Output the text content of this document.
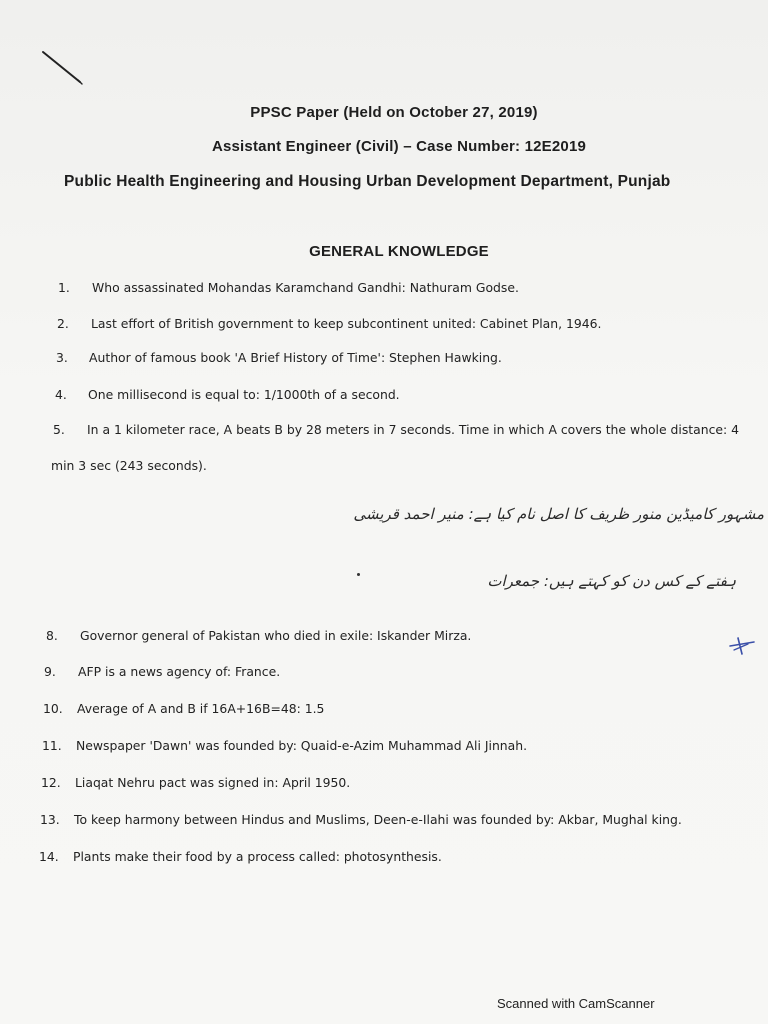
PPSC Paper (Held on October 27, 2019)
Assistant Engineer (Civil) – Case Number: 12E2019
Public Health Engineering and Housing Urban Development Department, Punjab
GENERAL KNOWLEDGE
1. Who assassinated Mohandas Karamchand Gandhi: Nathuram Godse.
2. Last effort of British government to keep subcontinent united: Cabinet Plan, 1946.
3. Author of famous book 'A Brief History of Time': Stephen Hawking.
4. One millisecond is equal to: 1/1000th of a second.
5. In a 1 kilometer race, A beats B by 28 meters in 7 seconds. Time in which A covers the whole distance: 4
min 3 sec (243 seconds).
مشہور کامیڈین منور ظریف کا اصل نام کیا ہے: منیر احمد قریشی
ہفتے کے کس دن کو کہتے ہیں: جمعرات
8. Governor general of Pakistan who died in exile: Iskander Mirza.
9. AFP is a news agency of: France.
10. Average of A and B if 16A+16B=48: 1.5
11. Newspaper 'Dawn' was founded by: Quaid-e-Azim Muhammad Ali Jinnah.
12. Liaqat Nehru pact was signed in: April 1950.
13. To keep harmony between Hindus and Muslims, Deen-e-Ilahi was founded by: Akbar, Mughal king.
14. Plants make their food by a process called: photosynthesis.
Scanned with CamScanner
